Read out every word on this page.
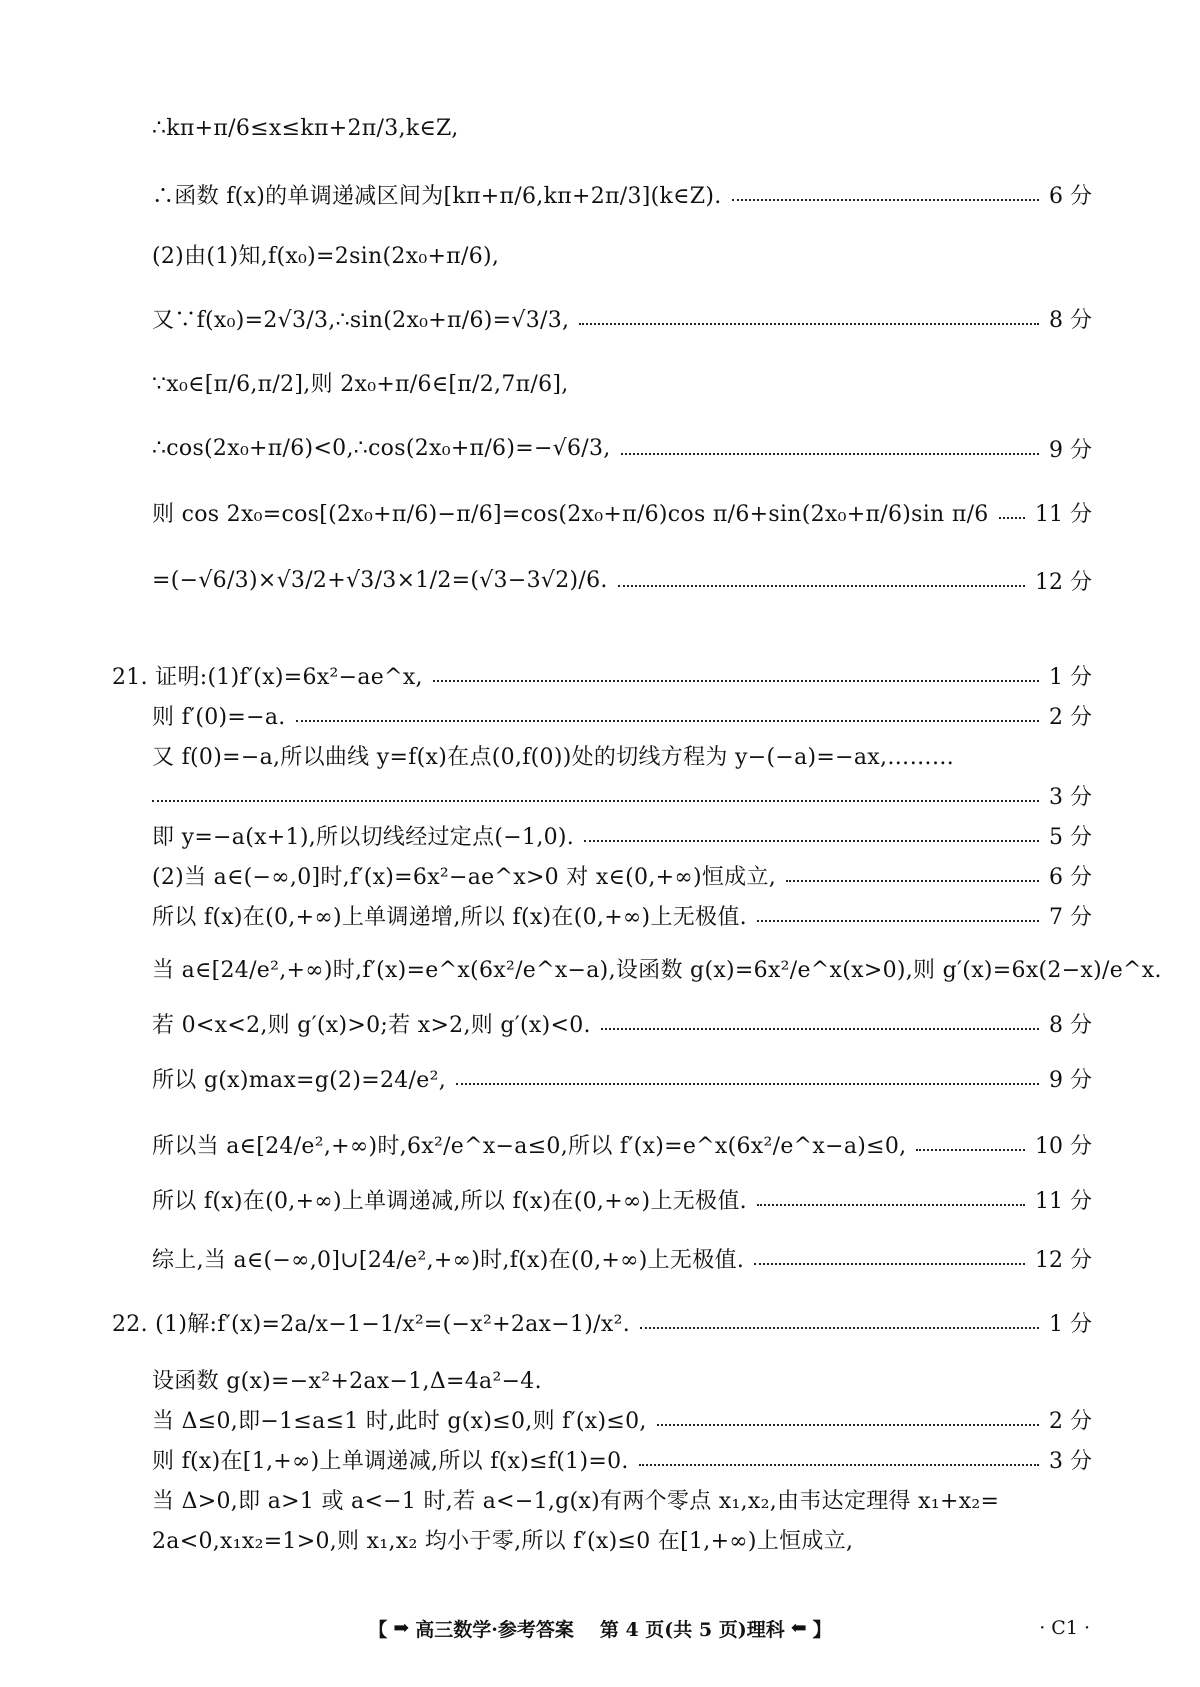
∴kπ+π/6≤x≤kπ+2π/3,k∈Z,
∴函数 f(x)的单调递减区间为[kπ+π/6,kπ+2π/3](k∈Z).	6 分
(2)由(1)知,f(x₀)=2sin(2x₀+π/6),
又∵f(x₀)=2√3/3,∴sin(2x₀+π/6)=√3/3,	8 分
∵x₀∈[π/6,π/2],则 2x₀+π/6∈[π/2,7π/6],
∴cos(2x₀+π/6)<0,∴cos(2x₀+π/6)=−√6/3,	9 分
则 cos 2x₀=cos[(2x₀+π/6)−π/6]=cos(2x₀+π/6)cos π/6+sin(2x₀+π/6)sin π/6 11 分
=(−√6/3)×√3/2+√3/3×1/2=(√3−3√2)/6.	12 分
21. 证明:(1)f′(x)=6x²−ae^x,	1 分
则 f′(0)=−a.	2 分
又 f(0)=−a,所以曲线 y=f(x)在点(0,f(0))处的切线方程为 y−(−a)=−ax,………
3 分
即 y=−a(x+1),所以切线经过定点(−1,0).	5 分
(2)当 a∈(−∞,0]时,f′(x)=6x²−ae^x>0 对 x∈(0,+∞)恒成立,	6 分
所以 f(x)在(0,+∞)上单调递增,所以 f(x)在(0,+∞)上无极值.	7 分
当 a∈[24/e²,+∞)时,f′(x)=e^x(6x²/e^x−a),设函数 g(x)=6x²/e^x(x>0),则 g′(x)=6x(2−x)/e^x.
若 0<x<2,则 g′(x)>0;若 x>2,则 g′(x)<0.	8 分
所以 g(x)max=g(2)=24/e²,	9 分
所以当 a∈[24/e²,+∞)时,6x²/e^x−a≤0,所以 f′(x)=e^x(6x²/e^x−a)≤0,	10 分
所以 f(x)在(0,+∞)上单调递减,所以 f(x)在(0,+∞)上无极值.	11 分
综上,当 a∈(−∞,0]∪[24/e²,+∞)时,f(x)在(0,+∞)上无极值.	12 分
22. (1)解:f′(x)=2a/x−1−1/x²=(−x²+2ax−1)/x².	1 分
设函数 g(x)=−x²+2ax−1,Δ=4a²−4.
当 Δ≤0,即−1≤a≤1 时,此时 g(x)≤0,则 f′(x)≤0,	2 分
则 f(x)在[1,+∞)上单调递减,所以 f(x)≤f(1)=0.	3 分
当 Δ>0,即 a>1 或 a<−1 时,若 a<−1,g(x)有两个零点 x₁,x₂,由韦达定理得 x₁+x₂=
2a<0,x₁x₂=1>0,则 x₁,x₂ 均小于零,所以 f′(x)≤0 在[1,+∞)上恒成立,
【 ➡ 高三数学·参考答案 第 4 页(共 5 页)理科 ⬅ 】	· C1 ·
